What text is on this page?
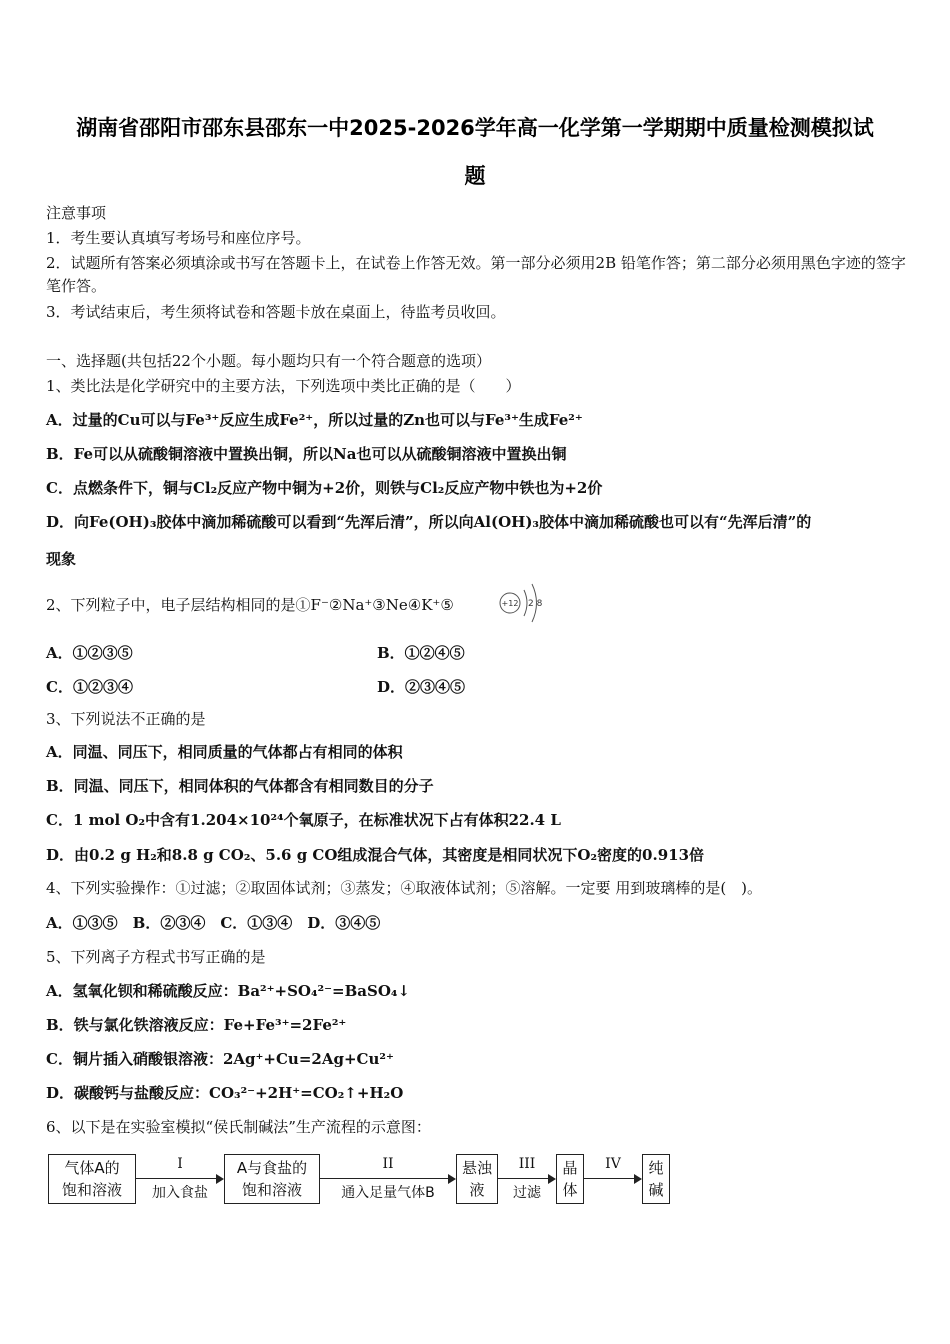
湖南省邵阳市邵东县邵东一中2025-2026学年高一化学第一学期期中质量检测模拟试
题
注意事项
1．考生要认真填写考场号和座位序号。
2．试题所有答案必须填涂或书写在答题卡上，在试卷上作答无效。第一部分必须用2B 铅笔作答；第二部分必须用黑色字迹的签字笔作答。
3．考试结束后，考生须将试卷和答题卡放在桌面上，待监考员收回。
一、选择题(共包括22个小题。每小题均只有一个符合题意的选项）
1、类比法是化学研究中的主要方法，下列选项中类比正确的是（　　）
A．过量的Cu可以与Fe³⁺反应生成Fe²⁺，所以过量的Zn也可以与Fe³⁺生成Fe²⁺
B．Fe可以从硫酸铜溶液中置换出铜，所以Na也可以从硫酸铜溶液中置换出铜
C．点燃条件下，铜与Cl₂反应产物中铜为+2价，则铁与Cl₂反应产物中铁也为+2价
D．向Fe(OH)₃胶体中滴加稀硫酸可以看到“先浑后清”，所以向Al(OH)₃胶体中滴加稀硫酸也可以有“先浑后清”的
现象
2、下列粒子中，电子层结构相同的是①F⁻②Na⁺③Ne④K⁺⑤	+12 2 8
A．①②③⑤	B．①②④⑤
C．①②③④	D．②③④⑤
3、下列说法不正确的是
A．同温、同压下，相同质量的气体都占有相同的体积
B．同温、同压下，相同体积的气体都含有相同数目的分子
C．1 mol O₂中含有1.204×10²⁴个氧原子，在标准状况下占有体积22.4 L
D．由0.2 g H₂和8.8 g CO₂、5.6 g CO组成混合气体，其密度是相同状况下O₂密度的0.913倍
4、下列实验操作：①过滤；②取固体试剂；③蒸发；④取液体试剂；⑤溶解。一定要 用到玻璃棒的是(　)。
A．①③⑤　B．②③④　C．①③④　D．③④⑤
5、下列离子方程式书写正确的是
A．氢氧化钡和稀硫酸反应：Ba²⁺+SO₄²⁻=BaSO₄↓
B．铁与氯化铁溶液反应：Fe+Fe³⁺=2Fe²⁺
C．铜片插入硝酸银溶液：2Ag⁺+Cu=2Ag+Cu²⁺
D．碳酸钙与盐酸反应：CO₃²⁻+2H⁺=CO₂↑+H₂O
6、以下是在实验室模拟“侯氏制碱法”生产流程的示意图：
气体A的
饱和溶液
I
加入食盐
A与食盐的
饱和溶液
II
通入足量气体B
悬浊
液
III
过滤
晶
体
IV	纯
碱
